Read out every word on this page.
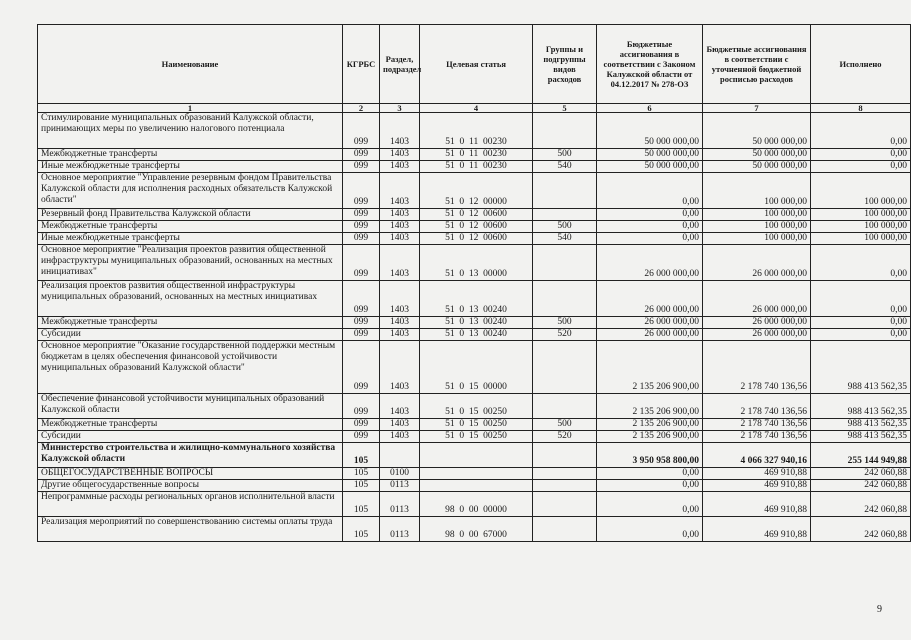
Наименование	КГРБС	Раздел, подраздел	Целевая статья	Группы и подгруппы видов расходов	Бюджетные ассигнования в соответствии с Законом Калужской области от 04.12.2017 № 278-ОЗ	Бюджетные ассигнования в соответствии с уточненной бюджетной росписью расходов	Исполнено
1	2	3	4	5	6	7	8
Стимулирование муниципальных образований Калужской области, принимающих меры по увеличению налогового потенциала	099	1403	51  0  11  00230		50 000 000,00	50 000 000,00	0,00
Межбюджетные трансферты	099	1403	51  0  11  00230	500	50 000 000,00	50 000 000,00	0,00
Иные межбюджетные трансферты	099	1403	51  0  11  00230	540	50 000 000,00	50 000 000,00	0,00
Основное мероприятие "Управление резервным фондом Правительства Калужской области для исполнения расходных обязательств Калужской области"	099	1403	51  0  12  00000		0,00	100 000,00	100 000,00
Резервный фонд Правительства Калужской области	099	1403	51  0  12  00600		0,00	100 000,00	100 000,00
Межбюджетные трансферты	099	1403	51  0  12  00600	500	0,00	100 000,00	100 000,00
Иные межбюджетные трансферты	099	1403	51  0  12  00600	540	0,00	100 000,00	100 000,00
Основное мероприятие "Реализация проектов развития общественной инфраструктуры муниципальных образований, основанных на местных инициативах"	099	1403	51  0  13  00000		26 000 000,00	26 000 000,00	0,00
Реализация проектов развития общественной инфраструктуры муниципальных образований, основанных на местных инициативах	099	1403	51  0  13  00240		26 000 000,00	26 000 000,00	0,00
Межбюджетные трансферты	099	1403	51  0  13  00240	500	26 000 000,00	26 000 000,00	0,00
Субсидии	099	1403	51  0  13  00240	520	26 000 000,00	26 000 000,00	0,00
Основное мероприятие "Оказание государственной поддержки местным бюджетам в целях обеспечения финансовой устойчивости муниципальных образований Калужской области"	099	1403	51  0  15  00000		2 135 206 900,00	2 178 740 136,56	988 413 562,35
Обеспечение финансовой устойчивости муниципальных образований Калужской области	099	1403	51  0  15  00250		2 135 206 900,00	2 178 740 136,56	988 413 562,35
Межбюджетные трансферты	099	1403	51  0  15  00250	500	2 135 206 900,00	2 178 740 136,56	988 413 562,35
Субсидии	099	1403	51  0  15  00250	520	2 135 206 900,00	2 178 740 136,56	988 413 562,35
Министерство строительства и жилищно-коммунального хозяйства Калужской области	105				3 950 958 800,00	4 066 327 940,16	255 144 949,88
ОБЩЕГОСУДАРСТВЕННЫЕ ВОПРОСЫ	105	0100			0,00	469 910,88	242 060,88
Другие общегосударственные вопросы	105	0113			0,00	469 910,88	242 060,88
Непрограммные расходы региональных органов исполнительной власти	105	0113	98  0  00  00000		0,00	469 910,88	242 060,88
Реализация мероприятий по совершенствованию системы оплаты труда	105	0113	98  0  00  67000		0,00	469 910,88	242 060,88
9
